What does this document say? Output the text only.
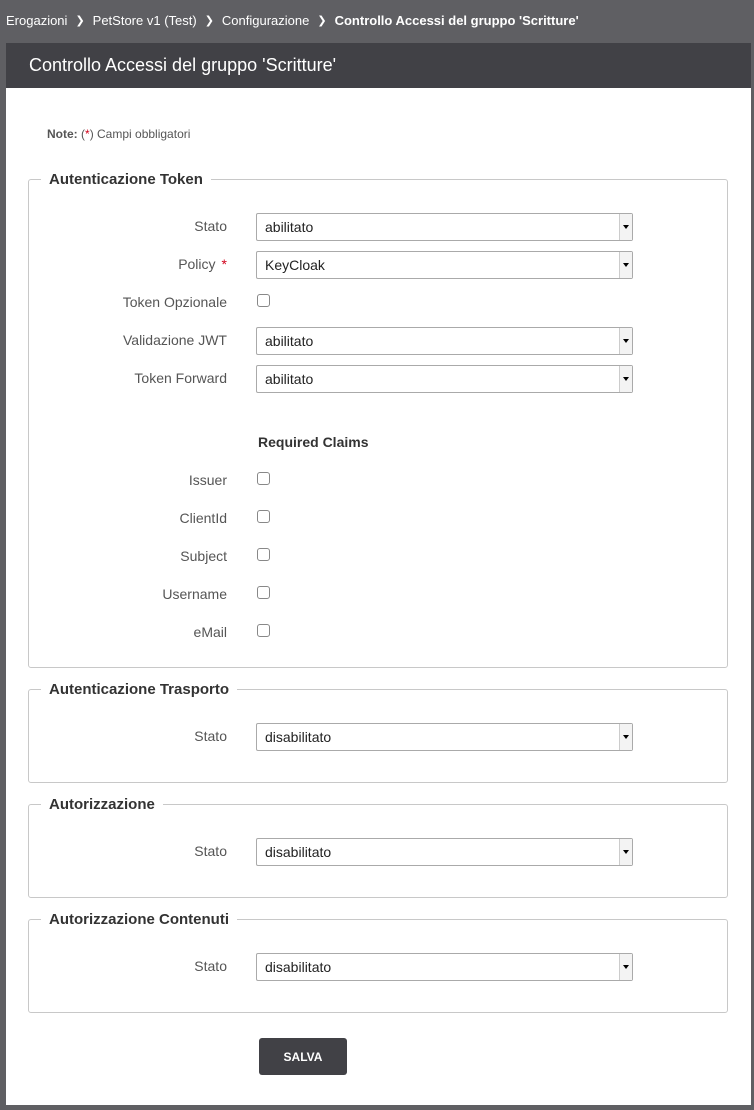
Erogazioni ❯ PetStore v1 (Test) ❯ Configurazione ❯ Controllo Accessi del gruppo 'Scritture'
Controllo Accessi del gruppo 'Scritture'
Note: (*) Campi obbligatori
Autenticazione Token
Stato	abilitato
Policy *	KeyCloak
Token Opzionale
Validazione JWT	abilitato
Token Forward	abilitato
Required Claims
Issuer
ClientId
Subject
Username
eMail
Autenticazione Trasporto
Stato	disabilitato
Autorizzazione
Stato	disabilitato
Autorizzazione Contenuti
Stato	disabilitato
SALVA
